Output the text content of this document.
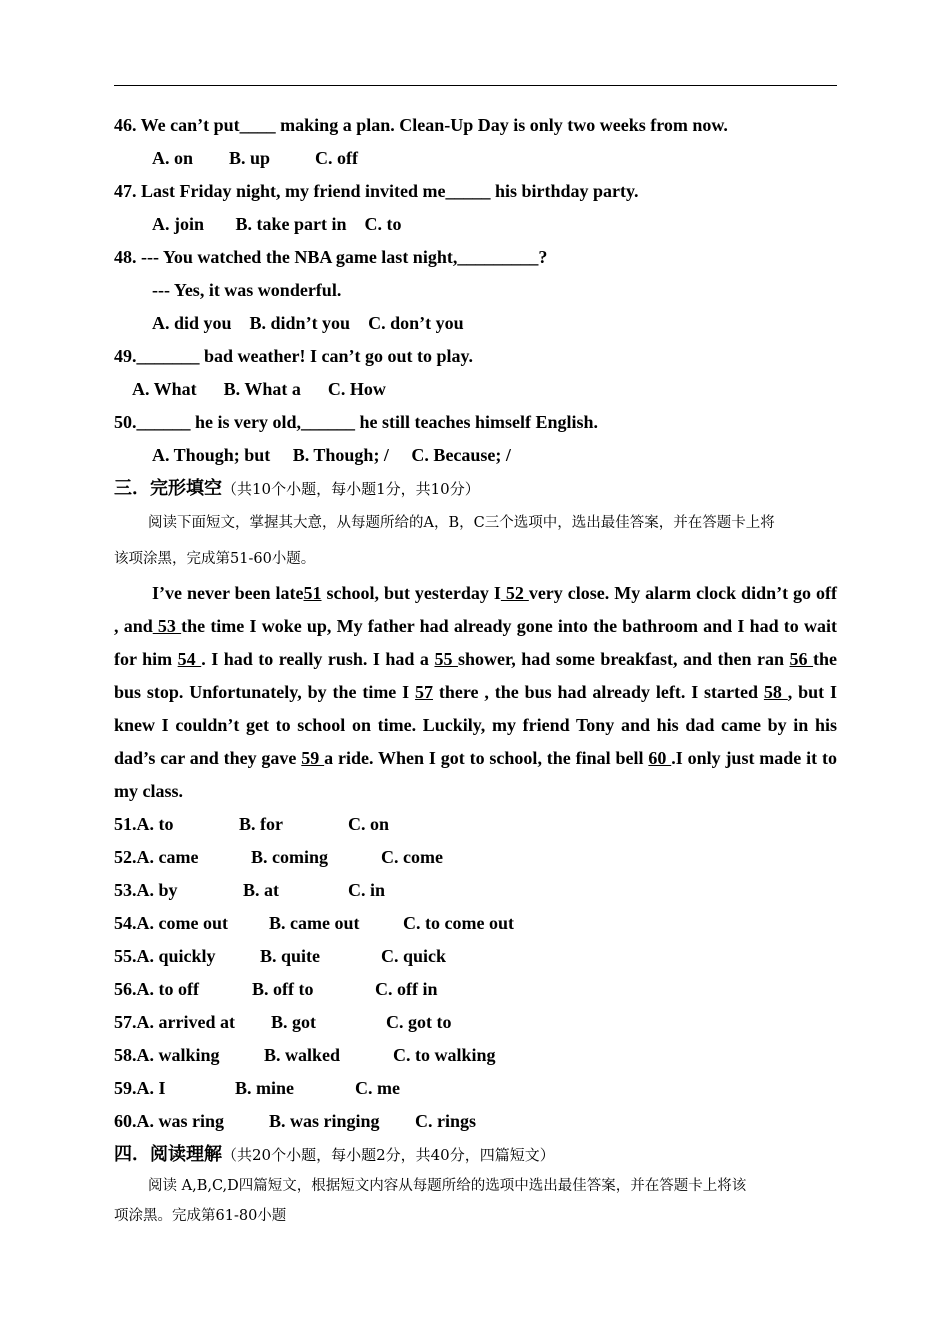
46. We can’t put____ making a plan. Clean-Up Day is only two weeks from now.
A. on        B. up          C. off
47. Last Friday night, my friend invited me_____ his birthday party.
A. join       B. take part in    C. to
48. --- You watched the NBA game last night,_________?
--- Yes, it was wonderful.
A. did you    B. didn’t you    C. don’t you
49._______ bad weather! I can’t go out to play.
A. What      B. What a      C. How
50.______ he is very old,______ he still teaches himself English.
A. Though; but     B. Though; /     C. Because; /
三．完形填空（共10个小题，每小题1分，共10分）
阅读下面短文，掌握其大意，从每题所给的A，B，C三个选项中，选出最佳答案，并在答题卡上将
该项涂黑，完成第51-60小题。
I’ve never been late51 school, but yesterday I 52 very close. My alarm clock didn’t go off , and 53 the time I woke up, My father had already gone into the bathroom and I had to wait for him 54 . I had to really rush. I had a 55 shower, had some breakfast, and then ran 56 the bus stop. Unfortunately, by the time I 57 there , the bus had already left. I started 58 , but I knew I couldn’t get to school on time. Luckily, my friend Tony and his dad came by in his dad’s car and they gave 59 a ride. When I got to school, the final bell 60 .I only just made it to my class.
51.A. to	B. for	C. on
52.A. came	B. coming	C. come
53.A. by	B. at	C. in
54.A. come out B. came out C. to come out
55.A. quickly B. quite	C. quick
56.A. to off	B. off to	C. off in
57.A. arrived at B. got	C. got to
58.A. walking B. walked	C. to walking
59.A. I	B. mine	C. me
60.A. was ring B. was ringing C. rings
四．阅读理解（共20个小题，每小题2分，共40分，四篇短文）
阅读 A,B,C,D四篇短文，根据短文内容从每题所给的选项中选出最佳答案，并在答题卡上将该
项涂黑。完成第61-80小题
